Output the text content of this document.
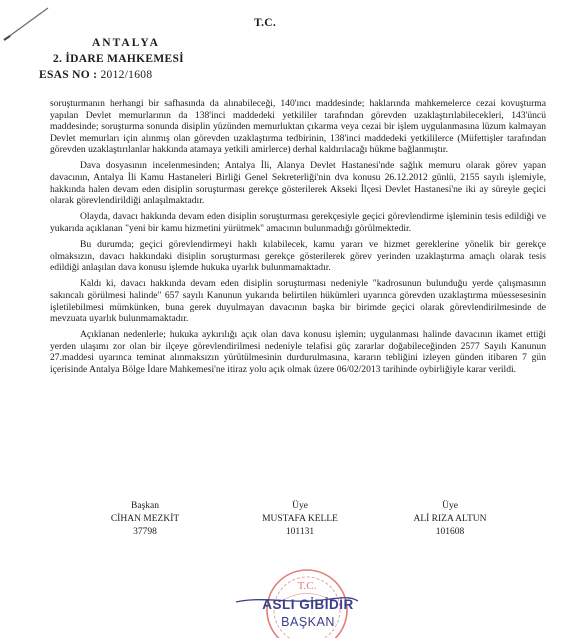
T.C.
ANTALYA
2. İDARE MAHKEMESİ
ESAS NO : 2012/1608

soruşturmanın herhangi bir safhasında da alınabileceği, 140'ıncı maddesinde; haklarında mahkemelerce cezai kovuşturma yapılan Devlet memurlarının da 138'inci maddedeki yetkililer tarafından görevden uzaklaştırılabilecekleri, 143'üncü maddesinde; soruşturma sonunda disiplin yüzünden memurluktan çıkarma veya cezai bir işlem uygulanmasına lüzum kalmayan Devlet memurları için alınmış olan görevden uzaklaştırma tedbirinin, 138'inci maddedeki yetkililerce (Müfettişler tarafından görevden uzaklaştırılanlar hakkında atamaya yetkili amirlerce) derhal kaldırılacağı hükme bağlanmıştır.

Dava dosyasının incelenmesinden; Antalya İli, Alanya Devlet Hastanesi'nde sağlık memuru olarak görev yapan davacının, Antalya İli Kamu Hastaneleri Birliği Genel Sekreterliği'nin dva konusu 26.12.2012 günlü, 2155 sayılı işlemiyle, hakkında halen devam eden disiplin soruşturması gerekçe gösterilerek Akseki İlçesi Devlet Hastanesi'ne iki ay süreyle geçici olarak görevlendirildiği anlaşılmaktadır.

Olayda, davacı hakkında devam eden disiplin soruşturması gerekçesiyle geçici görevlendirme işleminin tesis edildiği ve yukarıda açıklanan "yeni bir kamu hizmetini yürütmek" amacının bulunmadığı görülmektedir.

Bu durumda; geçici görevlendirmeyi haklı kılabilecek, kamu yararı ve hizmet gereklerine yönelik bir gerekçe olmaksızın, davacı hakkındaki disiplin soruşturması gerekçe gösterilerek görev yerinden uzaklaştırma amaçlı olarak tesis edildiği anlaşılan dava konusu işlemde hukuka uyarlık bulunmamaktadır.

Kaldı ki, davacı hakkında devam eden disiplin soruşturması nedeniyle "kadrosunun bulunduğu yerde çalışmasının sakıncalı görülmesi halinde" 657 sayılı Kanunun yukarıda belirtilen hükümleri uyarınca görevden uzaklaştırma müessesesinin işletilebilmesi mümkünken, buna gerek duyulmayan davacının başka bir birimde geçici olarak görevlendirilmesinde de mevzuata uyarlık bulunmamaktadır.

Açıklanan nedenlerle; hukuka aykırılığı açık olan dava konusu işlemin; uygulanması halinde davacının ikamet ettiği yerden ulaşımı zor olan bir ilçeye görevlendirilmesi nedeniyle telafisi güç zararlar doğabileceğinden 2577 Sayılı Kanunun 27.maddesi uyarınca teminat alınmaksızın yürütülmesinin durdurulmasına, kararın tebliğini izleyen günden itibaren 7 gün içerisinde Antalya Bölge İdare Mahkemesi'ne itiraz yolu açık olmak üzere 06/02/2013 tarihinde oybirliğiyle karar verildi.

Başkan
CİHAN MEZKİT
37798
Üye
MUSTAFA KELLE
101131
Üye
ALİ RIZA ALTUN
101608
T.C.
ASLI GİBİDİR
BAŞKAN
